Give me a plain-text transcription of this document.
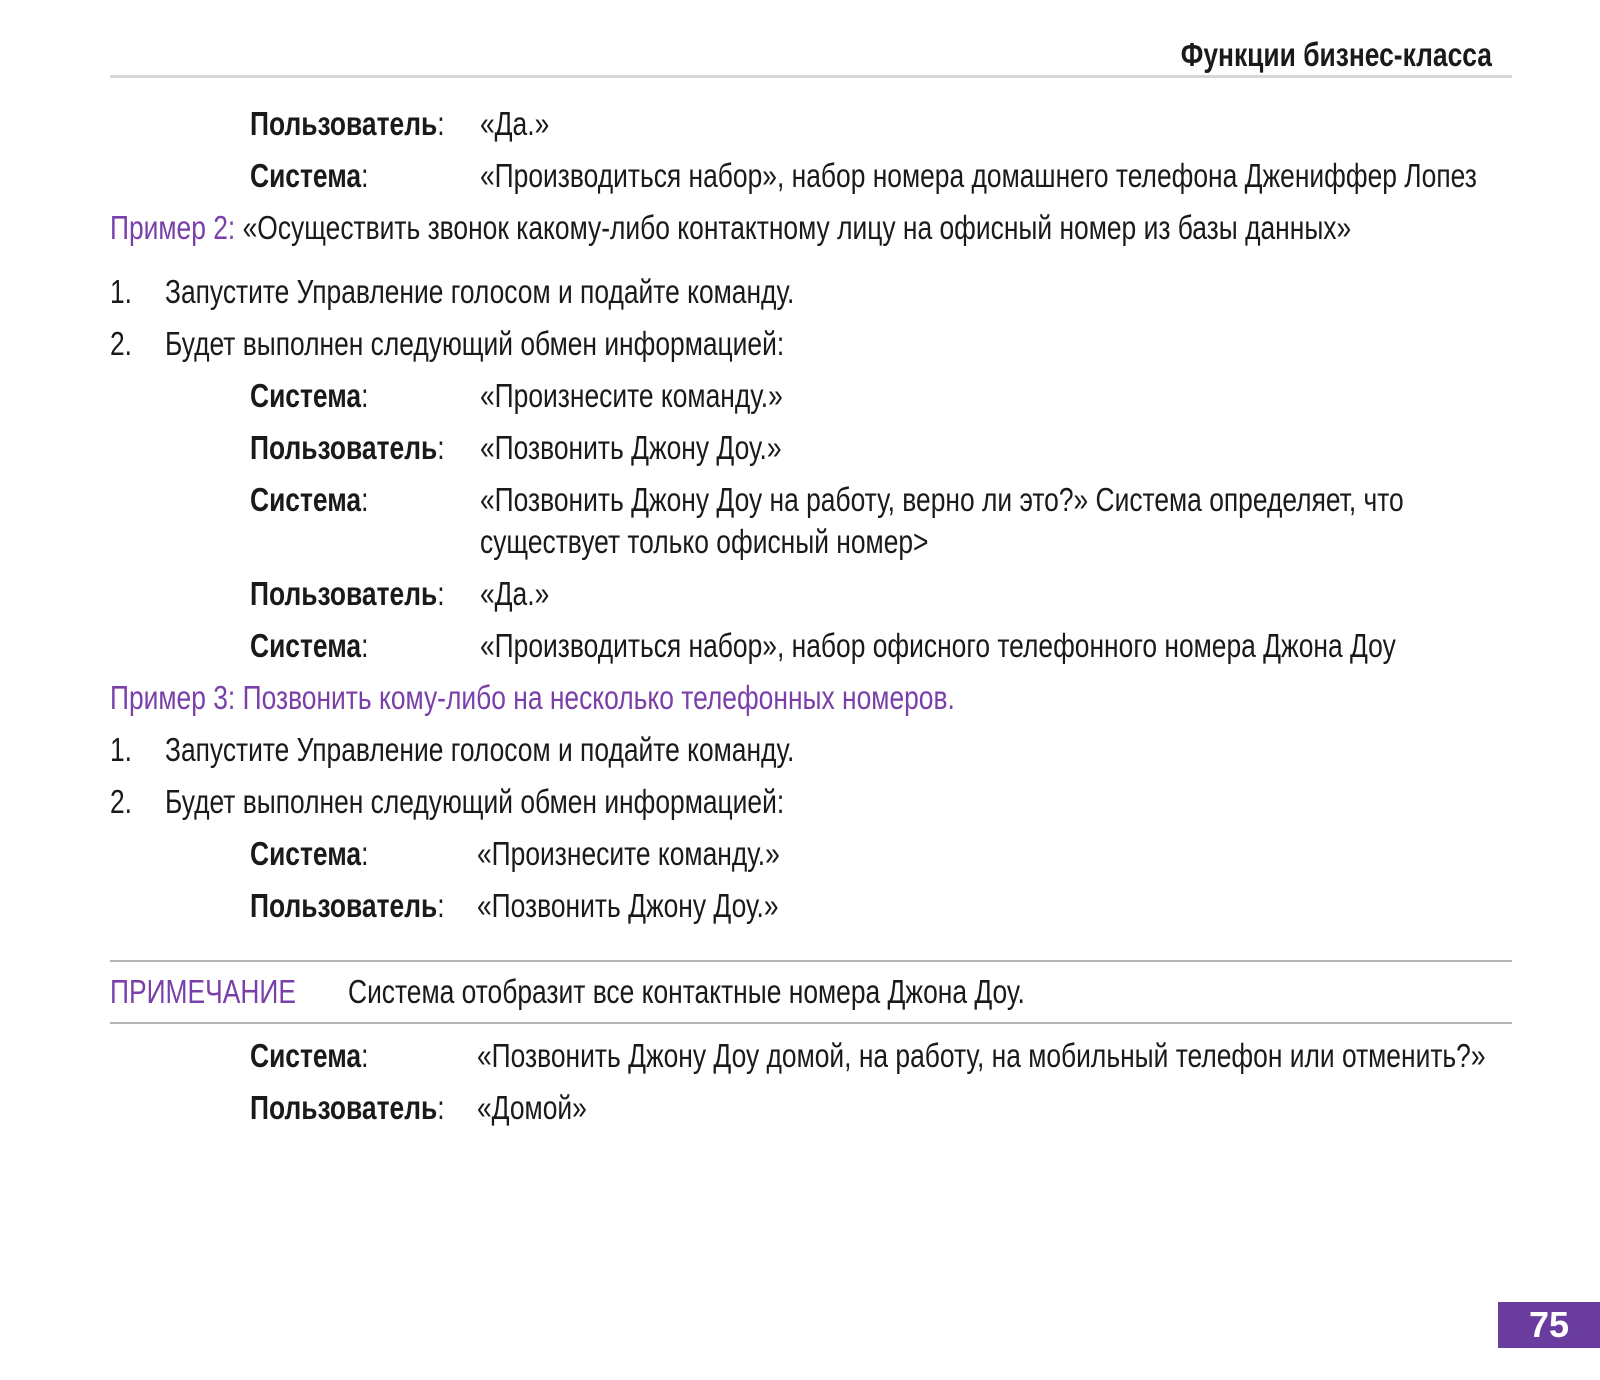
Функции бизнес-класса
Пользователь: «Да.»
Система:	«Производиться набор», набор номера домашнего телефона Джениффер Лопез
Пример 2: «Осуществить звонок какому-либо контактному лицу на офисный номер из базы данных»
1. Запустите Управление голосом и подайте команду.
2. Будет выполнен следующий обмен информацией:
Система:	«Произнесите команду.»
Пользователь: «Позвонить Джону Доу.»
Система:	«Позвонить Джону Доу на работу, верно ли это?» Система определяет, что
существует только офисный номер>
Пользователь: «Да.»
Система:	«Производиться набор», набор офисного телефонного номера Джона Доу
Пример 3: Позвонить кому-либо на несколько телефонных номеров.
1. Запустите Управление голосом и подайте команду.
2. Будет выполнен следующий обмен информацией:
Система:	«Произнесите команду.»
Пользователь: «Позвонить Джону Доу.»
ПРИМЕЧАНИЕ Система отобразит все контактные номера Джона Доу.
Система:	«Позвонить Джону Доу домой, на работу, на мобильный телефон или отменить?»
Пользователь: «Домой»
75
